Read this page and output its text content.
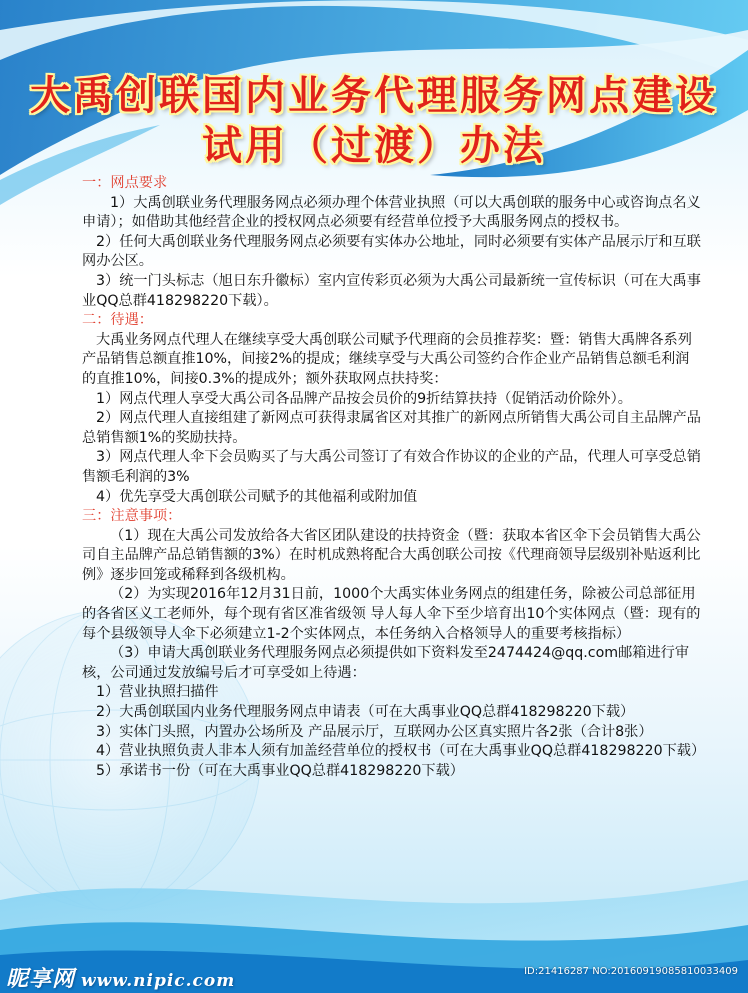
大禹创联国内业务代理服务网点建设
试用（过渡）办法

一：网点要求

1）大禹创联业务代理服务网点必须办理个体营业执照（可以大禹创联的服务中心或咨询点名义申请）；如借助其他经营企业的授权网点必须要有经营单位授予大禹服务网点的授权书。

2）任何大禹创联业务代理服务网点必须要有实体办公地址，同时必须要有实体产品展示厅和互联网办公区。

3）统一门头标志（旭日东升徽标）室内宣传彩页必须为大禹公司最新统一宣传标识（可在大禹事业QQ总群418298220下载）。

二：待遇：

大禹业务网点代理人在继续享受大禹创联公司赋予代理商的会员推荐奖：暨：销售大禹牌各系列产品销售总额直推10%，间接2%的提成；继续享受与大禹公司签约合作企业产品销售总额毛利润的直推10%，间接0.3%的提成外；额外获取网点扶持奖：

1）网点代理人享受大禹公司各品牌产品按会员价的9折结算扶持（促销活动价除外）。

2）网点代理人直接组建了新网点可获得隶属省区对其推广的新网点所销售大禹公司自主品牌产品总销售额1%的奖励扶持。

3）网点代理人伞下会员购买了与大禹公司签订了有效合作协议的企业的产品，代理人可享受总销售额毛利润的3%

4）优先享受大禹创联公司赋予的其他福利或附加值

三：注意事项：

（1）现在大禹公司发放给各大省区团队建设的扶持资金（暨：获取本省区伞下会员销售大禹公司自主品牌产品总销售额的3%）在时机成熟将配合大禹创联公司按《代理商领导层级别补贴返利比例》逐步回笼或稀释到各级机构。

（2）为实现2016年12月31日前，1000个大禹实体业务网点的组建任务，除被公司总部征用的各省区义工老师外，每个现有省区准省级领 导人每人伞下至少培育出10个实体网点（暨：现有的每个县级领导人伞下必须建立1-2个实体网点，本任务纳入合格领导人的重要考核指标）

（3）申请大禹创联业务代理服务网点必须提供如下资料发至2474424@qq.com邮箱进行审核，公司通过发放编号后才可享受如上待遇：

1）营业执照扫描件

2）大禹创联国内业务代理服务网点申请表（可在大禹事业QQ总群418298220下载）

3）实体门头照，内置办公场所及 产品展示厅，互联网办公区真实照片各2张（合计8张）

4）营业执照负责人非本人须有加盖经营单位的授权书（可在大禹事业QQ总群418298220下载）

5）承诺书一份（可在大禹事业QQ总群418298220下载）

昵享网 www.nipic.com	ID:21416287 NO:20160919085810033409
